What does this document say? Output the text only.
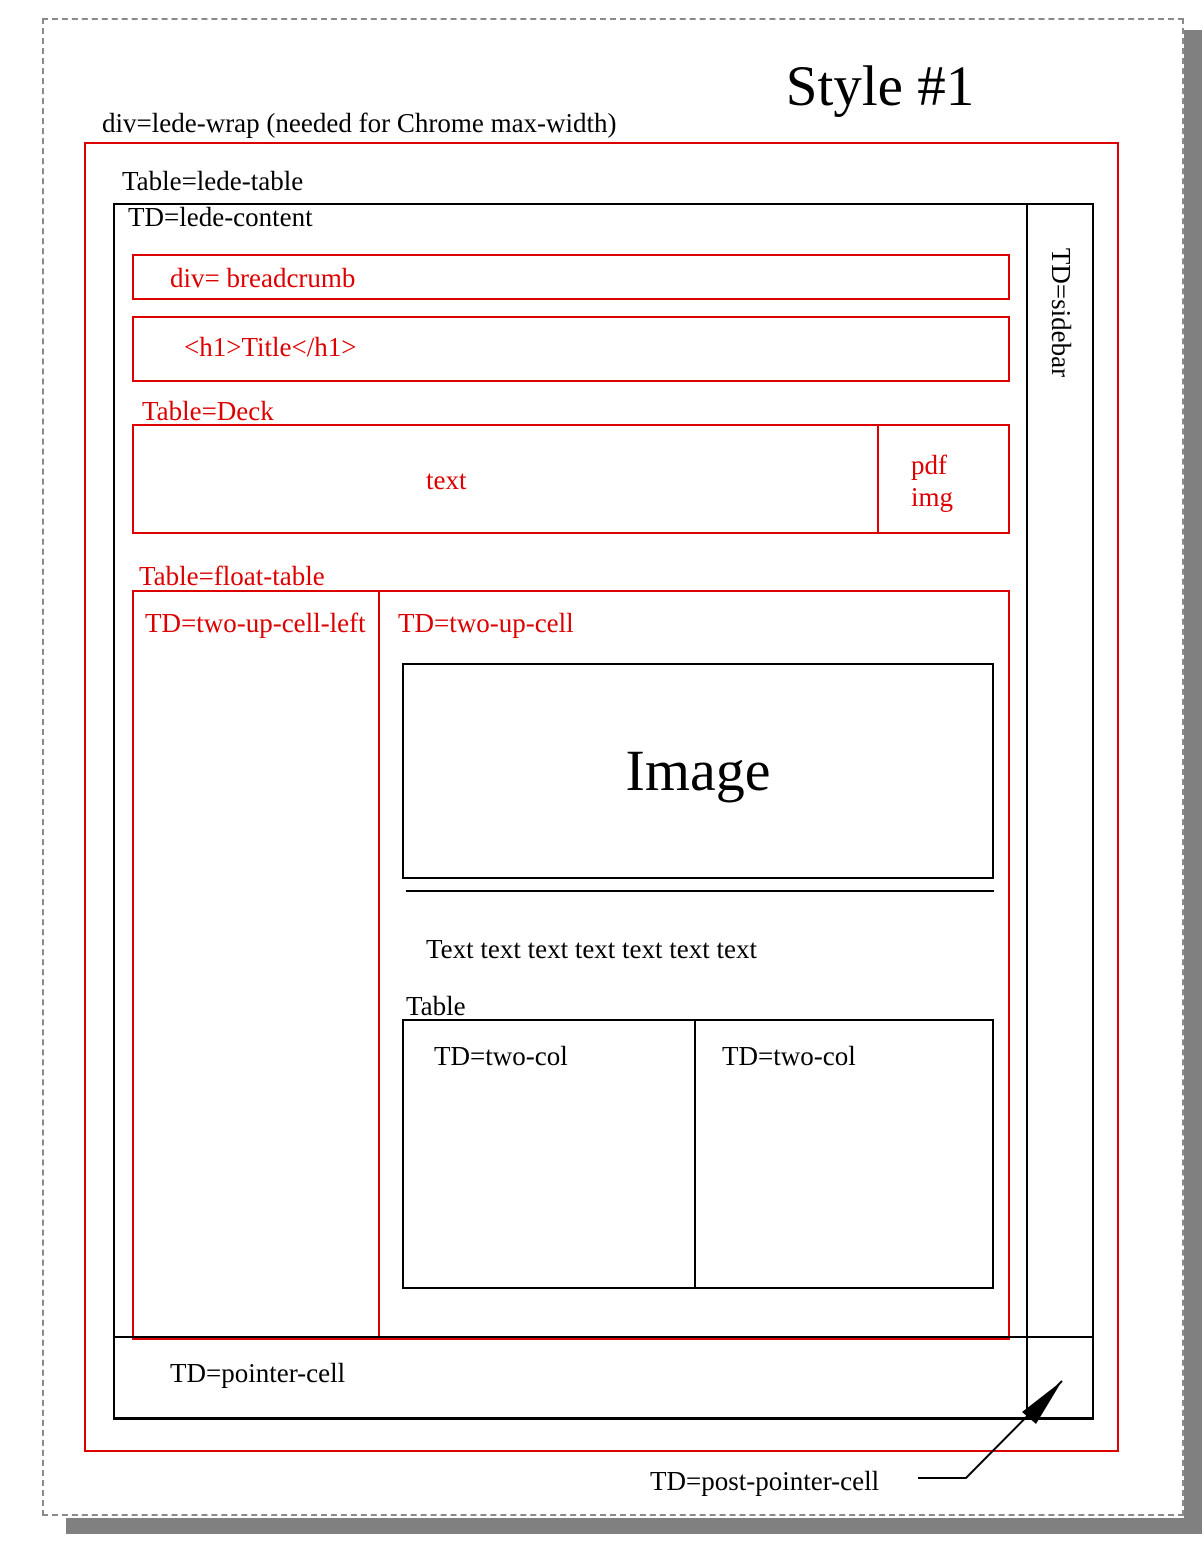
Style #1
div=lede-wrap (needed for Chrome max-width)
Table=lede-table
TD=lede-content
TD=sidebar
div= breadcrumb
<h1>Title</h1>
Table=Deck
text	pdf
img
Table=float-table
TD=two-up-cell-left TD=two-up-cell
Image
Text text text text text text text
Table
TD=two-col	TD=two-col
TD=pointer-cell
TD=post-pointer-cell
